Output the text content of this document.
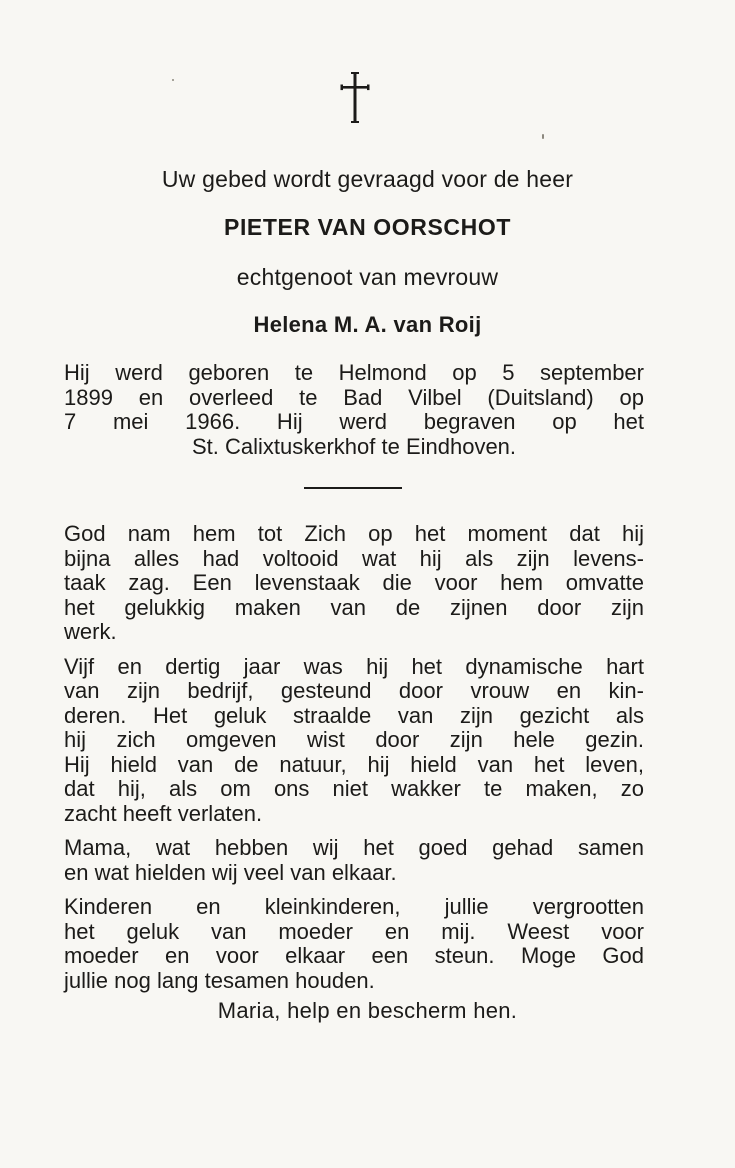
Uw gebed wordt gevraagd voor de heer
PIETER VAN OORSCHOT
echtgenoot van mevrouw
Helena M. A. van Roij
Hij werd geboren te Helmond op 5 september
1899 en overleed te Bad Vilbel (Duitsland) op
7 mei 1966. Hij werd begraven op het
St. Calixtuskerkhof te Eindhoven.
God nam hem tot Zich op het moment dat hij
bijna alles had voltooid wat hij als zijn levens-
taak zag. Een levenstaak die voor hem omvatte
het gelukkig maken van de zijnen door zijn
werk.
Vijf en dertig jaar was hij het dynamische hart
van zijn bedrijf, gesteund door vrouw en kin-
deren. Het geluk straalde van zijn gezicht als
hij zich omgeven wist door zijn hele gezin.
Hij hield van de natuur, hij hield van het leven,
dat hij, als om ons niet wakker te maken, zo
zacht heeft verlaten.
Mama, wat hebben wij het goed gehad samen
en wat hielden wij veel van elkaar.
Kinderen en kleinkinderen, jullie vergrootten
het geluk van moeder en mij. Weest voor
moeder en voor elkaar een steun. Moge God
jullie nog lang tesamen houden.
Maria, help en bescherm hen.
